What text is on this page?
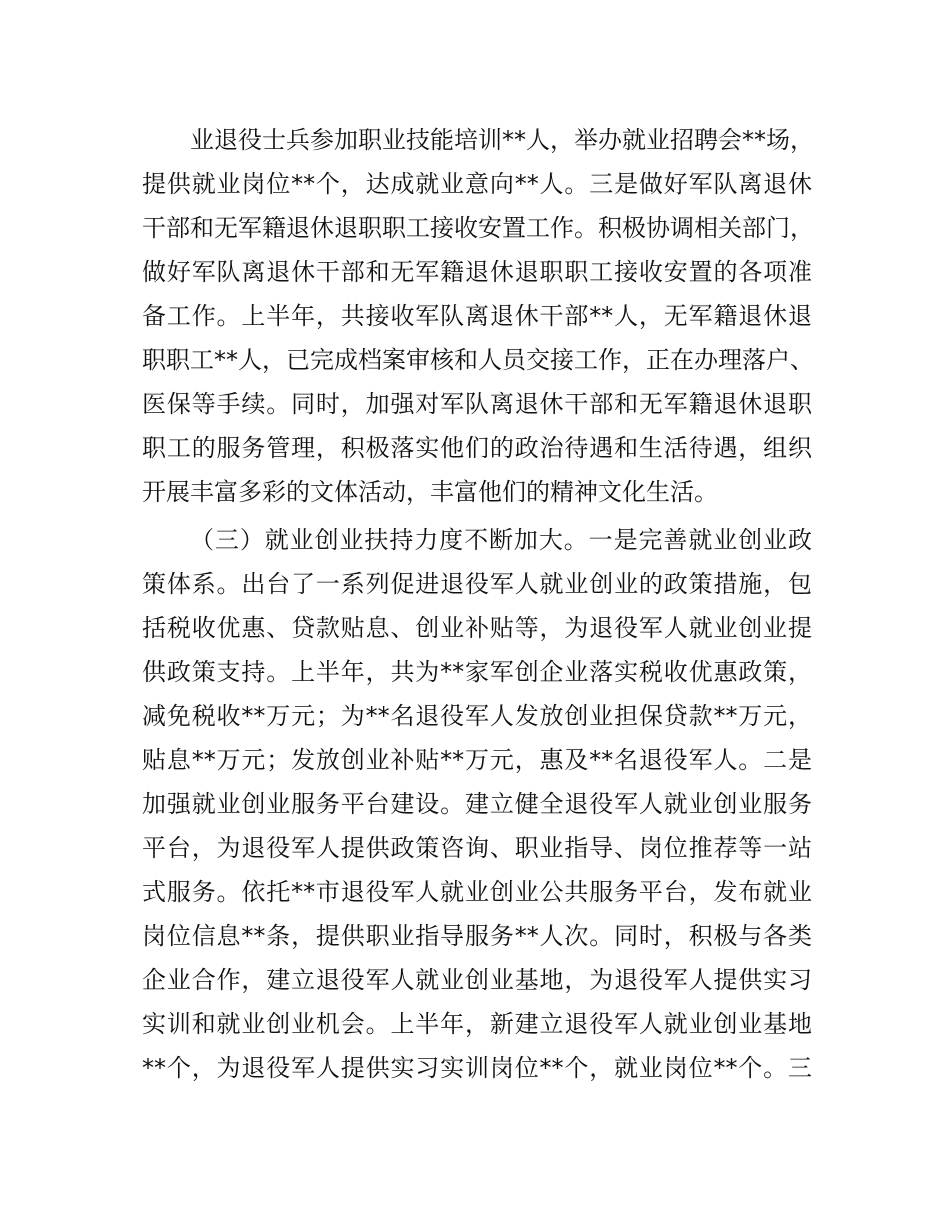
业退役士兵参加职业技能培训**人，举办就业招聘会**场，

提供就业岗位**个，达成就业意向**人。三是做好军队离退休

干部和无军籍退休退职职工接收安置工作。积极协调相关部门，

做好军队离退休干部和无军籍退休退职职工接收安置的各项准

备工作。上半年，共接收军队离退休干部**人，无军籍退休退

职职工**人，已完成档案审核和人员交接工作，正在办理落户、

医保等手续。同时，加强对军队离退休干部和无军籍退休退职

职工的服务管理，积极落实他们的政治待遇和生活待遇，组织

开展丰富多彩的文体活动，丰富他们的精神文化生活。

（三）就业创业扶持力度不断加大。一是完善就业创业政

策体系。出台了一系列促进退役军人就业创业的政策措施，包

括税收优惠、贷款贴息、创业补贴等，为退役军人就业创业提

供政策支持。上半年，共为**家军创企业落实税收优惠政策，

减免税收**万元；为**名退役军人发放创业担保贷款**万元，

贴息**万元；发放创业补贴**万元，惠及**名退役军人。二是

加强就业创业服务平台建设。建立健全退役军人就业创业服务

平台，为退役军人提供政策咨询、职业指导、岗位推荐等一站

式服务。依托**市退役军人就业创业公共服务平台，发布就业

岗位信息**条，提供职业指导服务**人次。同时，积极与各类

企业合作，建立退役军人就业创业基地，为退役军人提供实习

实训和就业创业机会。上半年，新建立退役军人就业创业基地

**个，为退役军人提供实习实训岗位**个，就业岗位**个。三
